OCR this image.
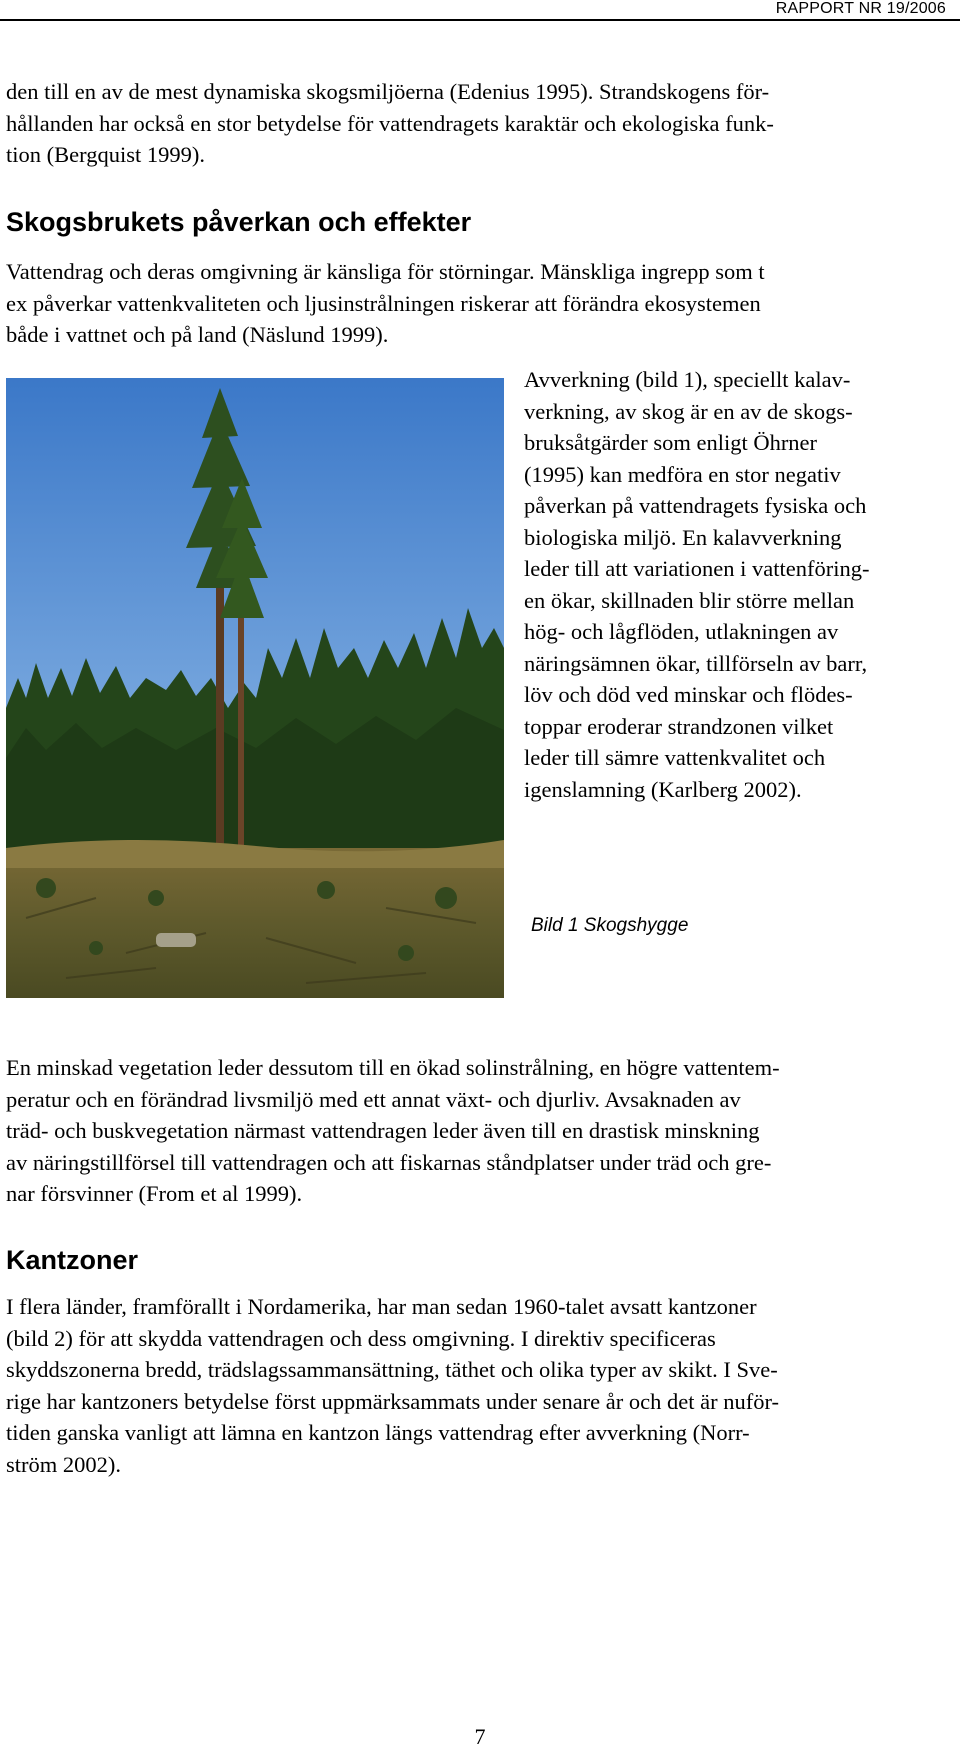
RAPPORT NR 19/2006

den till en av de mest dynamiska skogsmiljöerna (Edenius 1995). Strandskogens för-
hållanden har också en stor betydelse för vattendragets karaktär och ekologiska funk-
tion (Bergquist 1999).

Skogsbrukets påverkan och effekter

Vattendrag och deras omgivning är känsliga för störningar. Mänskliga ingrepp som t
ex påverkar vattenkvaliteten och ljusinstrålningen riskerar att förändra ekosystemen
både i vattnet och på land (Näslund 1999).

Avverkning (bild 1), speciellt kalav-
verkning, av skog är en av de skogs-
bruksåtgärder som enligt Öhrner
(1995) kan medföra en stor negativ
påverkan på vattendragets fysiska och
biologiska miljö. En kalavverkning
leder till att variationen i vattenföring-
en ökar, skillnaden blir större mellan
hög- och lågflöden, utlakningen av
näringsämnen ökar, tillförseln av barr,
löv och död ved minskar och flödes-
toppar eroderar strandzonen vilket
leder till sämre vattenkvalitet och
igenslamning (Karlberg 2002).

Bild 1 Skogshygge

En minskad vegetation leder dessutom till en ökad solinstrålning, en högre vattentem-
peratur och en förändrad livsmiljö med ett annat växt- och djurliv. Avsaknaden av
träd- och buskvegetation närmast vattendragen leder även till en drastisk minskning
av näringstillförsel till vattendragen och att fiskarnas ståndplatser under träd och gre-
nar försvinner (From et al 1999).

Kantzoner

I flera länder, framförallt i Nordamerika, har man sedan 1960-talet avsatt kantzoner
(bild 2) för att skydda vattendragen och dess omgivning. I direktiv specificeras
skyddszonerna bredd, trädslagssammansättning, täthet och olika typer av skikt. I Sve-
rige har kantzoners betydelse först uppmärksammats under senare år och det är nuför-
tiden ganska vanligt att lämna en kantzon längs vattendrag efter avverkning (Norr-
ström 2002).

7
